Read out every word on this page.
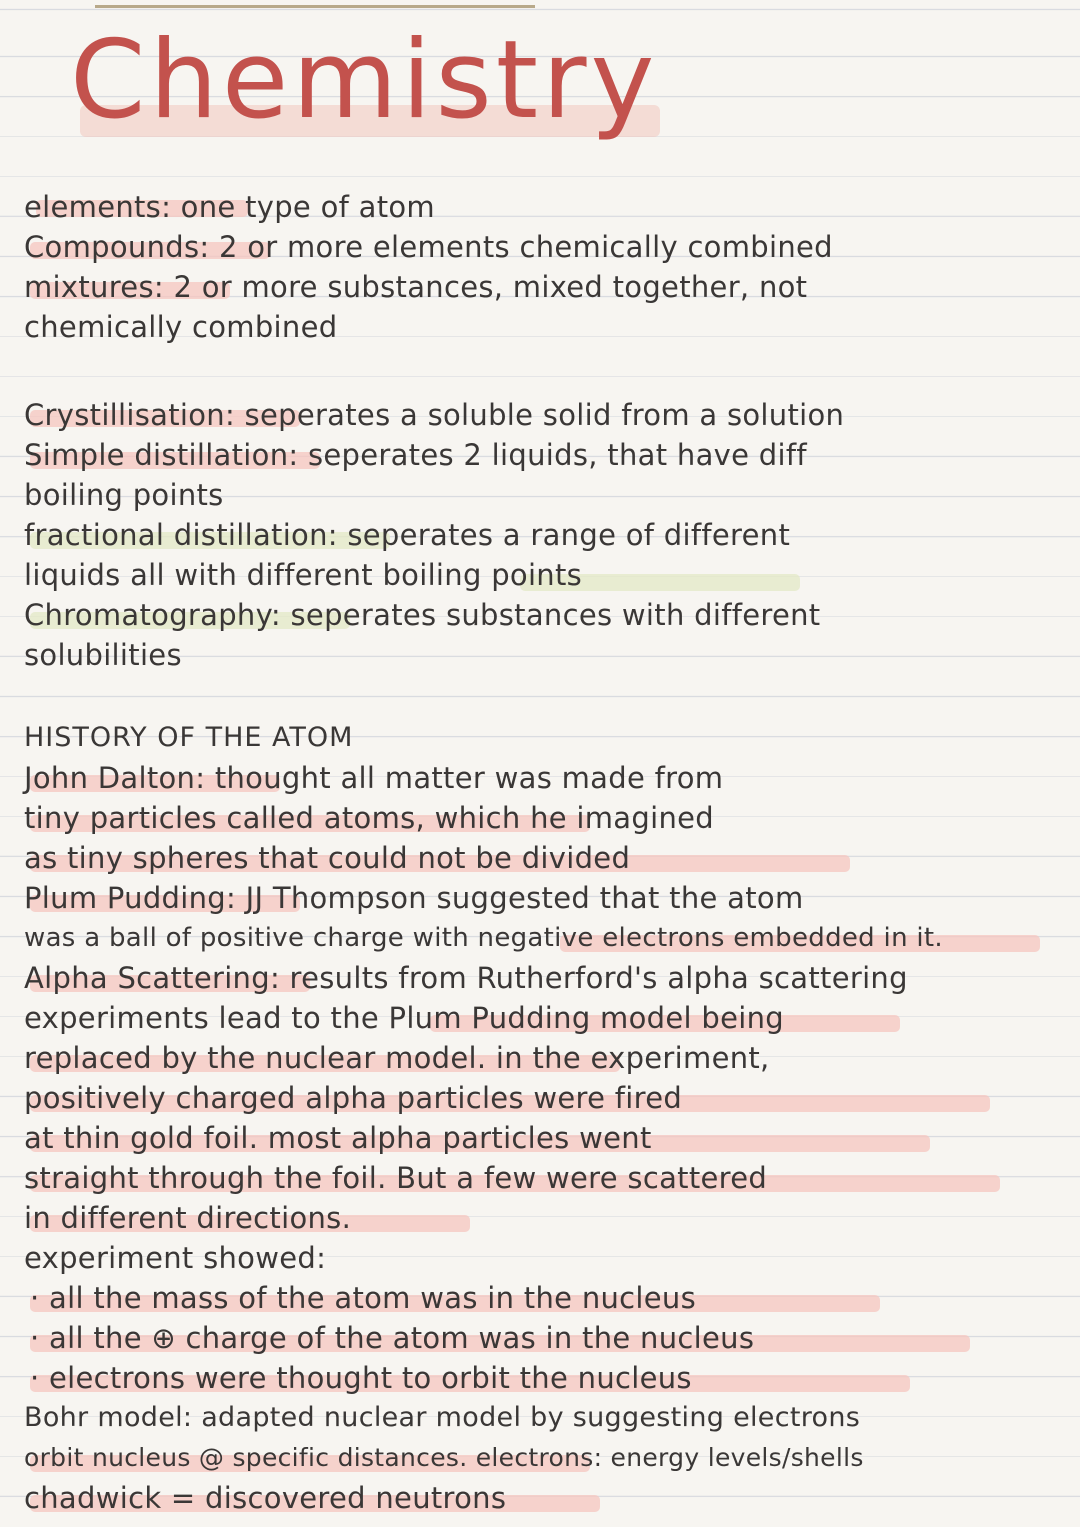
Chemistry
elements: one type of atom
Compounds: 2 or more elements chemically combined
mixtures: 2 or more substances, mixed together, not
chemically combined
Crystillisation: seperates a soluble solid from a solution
Simple distillation: seperates 2 liquids, that have diff
boiling points
fractional distillation: seperates a range of different
liquids all with different boiling points
Chromatography: seperates substances with different
solubilities
HISTORY OF THE ATOM
John Dalton: thought all matter was made from
tiny particles called atoms, which he imagined
as tiny spheres that could not be divided
Plum Pudding: JJ Thompson suggested that the atom
was a ball of positive charge with negative electrons embedded in it.
Alpha Scattering: results from Rutherford's alpha scattering
experiments lead to the Plum Pudding model being
replaced by the nuclear model. in the experiment,
positively charged alpha particles were fired
at thin gold foil. most alpha particles went
straight through the foil. But a few were scattered
in different directions.
experiment showed:
· all the mass of the atom was in the nucleus
· all the ⊕ charge of the atom was in the nucleus
· electrons were thought to orbit the nucleus
Bohr model: adapted nuclear model by suggesting electrons
orbit nucleus @ specific distances. electrons: energy levels/shells
chadwick = discovered neutrons
